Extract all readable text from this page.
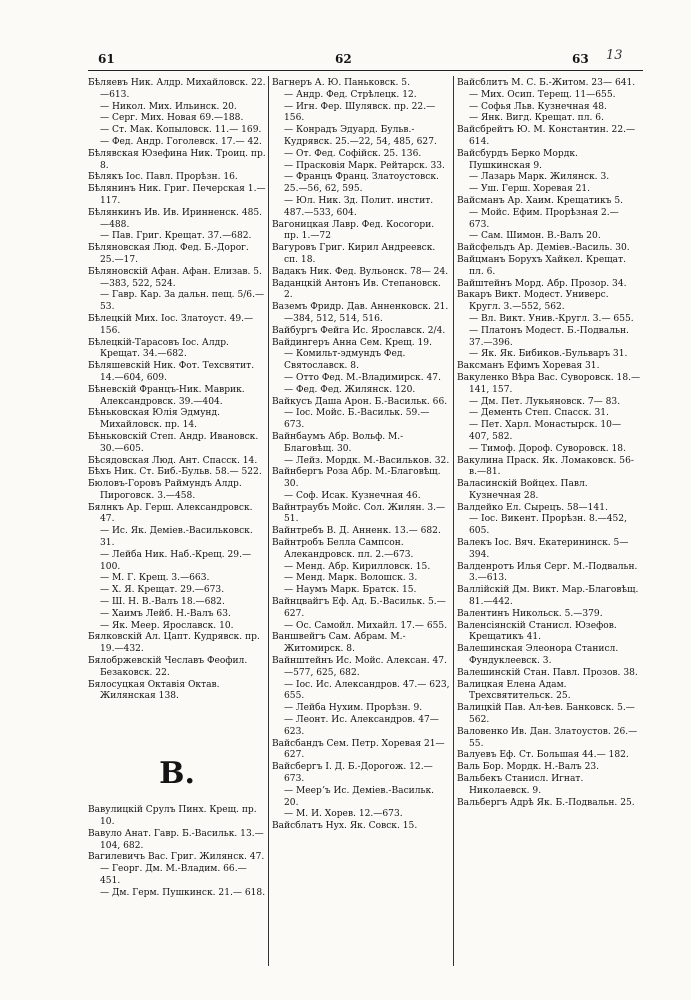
61	62	63 13

Бѣляевъ Ник. Алдр. Михайловск. 22.—613.

— Никол. Мих. Ильинск. 20.

— Серг. Мих. Новая 69.—188.

— Ст. Мак. Копыловск. 11.— 169.

— Фед. Андр. Гоголевск. 17.— 42.

Бѣлявская Юзефина Ник. Троиц. пр. 8.

Бѣлякъ Іос. Павл. Прорѣзн. 16.

Бѣлянинъ Ник. Григ. Печерская 1.—117.

Бѣлянкинъ Ив. Ив. Иринненск. 485.—488.

— Пав. Григ. Крещат. 37.—682.

Бѣляновская Люд. Фед. Б.-Дорог. 25.—17.

Бѣляновскій Афан. Афан. Елизав. 5.—383, 522, 524.

— Гавр. Кар. За дальн. пещ. 5/6.—53.

Бѣлецкій Мих. Іос. Златоуст. 49.—156.

Бѣлецкій-Тарасовъ Іос. Алдр. Крещат. 34.—682.

Бѣляшевскій Ник. Фот. Техсвятит. 14.—604, 609.

Бѣневскій Францъ-Ник. Маврик. Александровск. 39.—404.

Бѣньковская Юлія Эдмунд. Михайловск. пр. 14.

Бѣньковскій Степ. Андр. Ивановск. 30.—605.

Бѣсядовская Люд. Ант. Спасск. 14.

Бѣхъ Ник. Ст. Биб.-Бульв. 58.— 522.

Бюловъ-Горовъ Раймундъ Алдр. Пироговск. 3.—458.

Бялнкъ Ар. Герш. Александровск. 47.

— Ис. Як. Деміев.-Васильковск. 31.

— Лейба Ник. Наб.-Крещ. 29.— 100.

— М. Г. Крещ. 3.—663.

— Х. Я. Крещат. 29.—673.

— Ш. Н. В.-Валъ 18.—682.

— Хаимъ Лейб. Н.-Валъ 63.

— Як. Меер. Ярославск. 10.

Бялковскій Ал. Цапт. Кудрявск. пр. 19.—432.

Бялобржевскій Чеславъ Феофил. Безаковск. 22.

Бялосуцкая Октавія Октав. Жилянская 138.

В.

Вавулицкій Срулъ Пинх. Крещ. пр. 10.

Вавуло Анат. Гавр. Б.-Васильк. 13.—104, 682.

Вагилевичъ Вас. Григ. Жилянск. 47.

— Георг. Дм. М.-Владим. 66.— 451.

— Дм. Герм. Пушкинск. 21.— 618.

Вагнеръ А. Ю. Паньковск. 5.

— Андр. Фед. Стрѣлецк. 12.

— Игн. Фер. Шулявск. пр. 22.— 156.

— Конрадъ Эдуард. Бульв.-Кудрявск. 25.—22, 54, 485, 627.

— От. Фед. Софійск. 25. 136.

— Прасковія Марк. Рейтарск. 33.

— Францъ Франц. Златоустовск. 25.—56, 62, 595.

— Юл. Ник. Зд. Полит. инстит. 487.—533, 604.

Вагоницкая Лавр. Фед. Косогори. пр. 1.—72

Вагуровъ Григ. Кирил Андреевск. сп. 18.

Вадакъ Ник. Фед. Вульонск. 78— 24.

Ваданцкій Антонъ Ив. Степановск. 2.

Ваземъ Фридр. Дав. Анненковск. 21.—384, 512, 514, 516.

Вайбургъ Фейга Ис. Ярославск. 2/4.

Вайдингеръ Анна Сем. Крещ. 19.

— Комильт-эдмундъ Фед. Святославск. 8.

— Отто Фед. М.-Владимирск. 47.

— Фед. Фед. Жилянск. 120.

Вайкусъ Даша Арон. Б.-Васильк. 66.

— Іос. Мойс. Б.-Васильк. 59.— 673.

Вайнбаумъ Абр. Вольф. М.-Благовѣщ. 30.

— Лейз. Мордк. М.-Васильков. 32.

Вайнбергъ Роза Абр. М.-Благовѣщ. 30.

— Соф. Исак. Кузнечная 46.

Вайнтраубъ Мойс. Сол. Жилян. 3.—51.

Вайнтребъ В. Д. Анненк. 13.— 682.

Вайнтробъ Белла Сампсон. Алекандровск. пл. 2.—673.

— Менд. Абр. Кирилловск. 15.

— Менд. Марк. Волошск. 3.

— Наумъ Марк. Братск. 15.

Вайнцвайгъ Еф. Ад. Б.-Васильк. 5.—627.

— Ос. Самойл. Михайл. 17.— 655.

Ваншвейгъ Сам. Абрам. М.-Житомирск. 8.

Вайнштейнъ Ис. Мойс. Алексан. 47.—577, 625, 682.

— Іос. Ис. Александров. 47.— 623, 655.

— Лейба Нухим. Прорѣзн. 9.

— Леонт. Ис. Александров. 47— 623.

Вайсбандъ Сем. Петр. Хоревая 21—627.

Вайсбергъ І. Д. Б.-Дорогож. 12.— 673.

— Меерʼъ Ис. Деміев.-Васильк. 20.

— М. И. Хорев. 12.—673.

Вайсблатъ Нух. Як. Совск. 15.

Вайсблитъ М. С. Б.-Житом. 23— 641.

— Мих. Осип. Терещ. 11—655.

— Софья Льв. Кузнечная 48.

— Янк. Вигд. Крещат. пл. 6.

Вайсбрейтъ Ю. М. Константин. 22.—614.

Вайсбурдъ Берко Мордк. Пушкинская 9.

— Лазарь Марк. Жилянск. 3.

— Уш. Герш. Хоревая 21.

Вайсманъ Ар. Хаим. Крещатикъ 5.

— Мойс. Ефим. Прорѣзная 2.— 673.

— Сам. Шимон. В.-Валъ 20.

Вайсфельдъ Ар. Деміев.-Василь. 30.

Вайцманъ Борухъ Хайкел. Крещат. пл. 6.

Вайштейнъ Морд. Абр. Прозор. 34.

Вакаръ Викт. Модест. Универс. Кругл. 3.—552, 562.

— Вл. Викт. Унив.-Кругл. 3.— 655.

— Платонъ Модест. Б.-Подвальн. 37.—396.

— Як. Як. Бибиков.-Бульваръ 31.

Ваксманъ Ефимъ Хоревая 31.

Вакуленко Вѣра Вас. Суворовск. 18.—141, 157.

— Дм. Пет. Лукьяновск. 7— 83.

— Дементь Степ. Спасск. 31.

— Пет. Харл. Монастырск. 10— 407, 582.

— Тимоф. Дороф. Суворовск. 18.

Вакулина Праск. Як. Ломаковск. 56-в.—81.

Валасинскій Войцех. Павл. Кузнечная 28.

Валдейко Ел. Сырецъ. 58—141.

— Іос. Викент. Прорѣзн. 8.—452, 605.

Валекъ Іос. Вяч. Екатерининск. 5—394.

Валденротъ Илья Серг. М.-Подвальн. 3.—613.

Валлійскій Дм. Викт. Мар.-Благовѣщ. 81.—442.

Валентинъ Никольск. 5.—379.

Валенсіянскій Станисл. Юзефов. Крещатикъ 41.

Валешинская Элеонора Станисл. Фундуклеевск. 3.

Валешинскій Стан. Павл. Прозов. 38.

Валицкая Елена Адам. Трехсвятительск. 25.

Валицкій Пав. Ал-ѣев. Банковск. 5.—562.

Валовенко Ив. Дан. Златоустов. 26.—55.

Валуевъ Еф. Ст. Большая 44.— 182.

Валь Бор. Мордк. Н.-Валъ 23.

Вальбекъ Станисл. Игнат. Николаевск. 9.

Вальбергъ Адрѣ Як. Б.-Подвальн. 25.
